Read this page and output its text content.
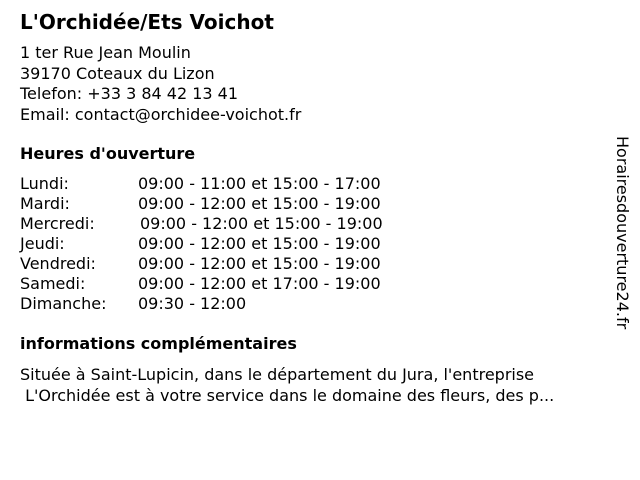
L'Orchidée/Ets Voichot
1 ter Rue Jean Moulin
39170 Coteaux du Lizon
Telefon: +33 3 84 42 13 41
Email: contact@orchidee-voichot.fr
Heures d'ouverture
Lundi:	09:00 - 11:00 et 15:00 - 17:00
Mardi:	09:00 - 12:00 et 15:00 - 19:00
Mercredi:	09:00 - 12:00 et 15:00 - 19:00
Jeudi:	09:00 - 12:00 et 15:00 - 19:00
Vendredi:	09:00 - 12:00 et 15:00 - 19:00
Samedi:	09:00 - 12:00 et 17:00 - 19:00
Dimanche: 09:30 - 12:00
informations complémentaires
Située à Saint-Lupicin, dans le département du Jura, l'entreprise
L'Orchidée est à votre service dans le domaine des fleurs, des p...
Horairesdouverture24.fr
